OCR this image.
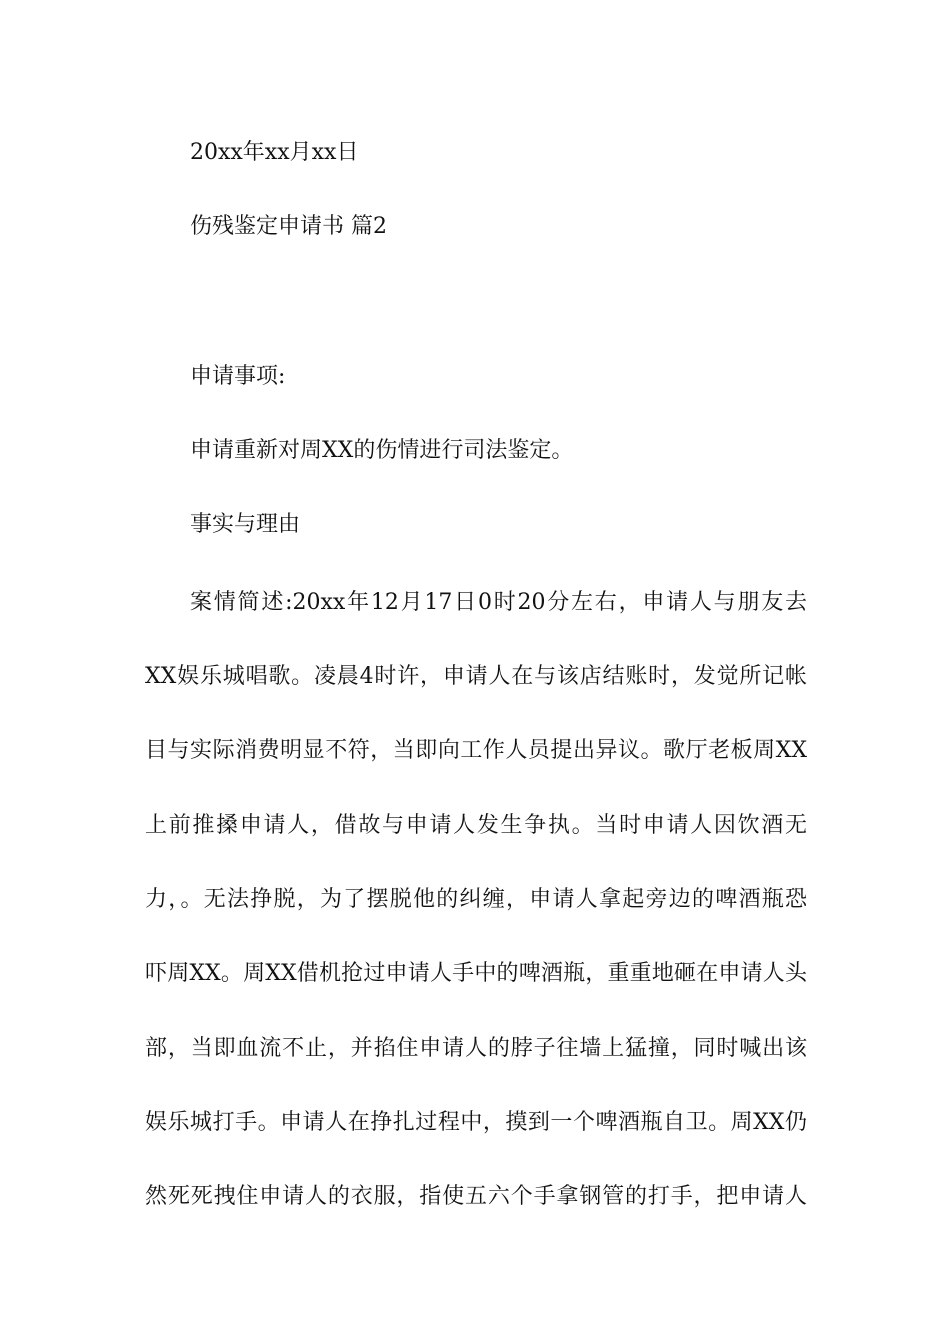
20xx年xx月xx日
伤残鉴定申请书 篇2
申请事项:
申请重新对周XX的伤情进行司法鉴定。
事实与理由
案情简述:20xx年12月17日0时20分左右，申请人与朋友去
XX娱乐城唱歌。凌晨4时许，申请人在与该店结账时，发觉所记帐
目与实际消费明显不符，当即向工作人员提出异议。歌厅老板周XX
上前推搡申请人，借故与申请人发生争执。当时申请人因饮酒无
力，。无法挣脱，为了摆脱他的纠缠，申请人拿起旁边的啤酒瓶恐
吓周XX。周XX借机抢过申请人手中的啤酒瓶，重重地砸在申请人头
部，当即血流不止，并掐住申请人的脖子往墙上猛撞，同时喊出该
娱乐城打手。申请人在挣扎过程中，摸到一个啤酒瓶自卫。周XX仍
然死死拽住申请人的衣服，指使五六个手拿钢管的打手，把申请人
